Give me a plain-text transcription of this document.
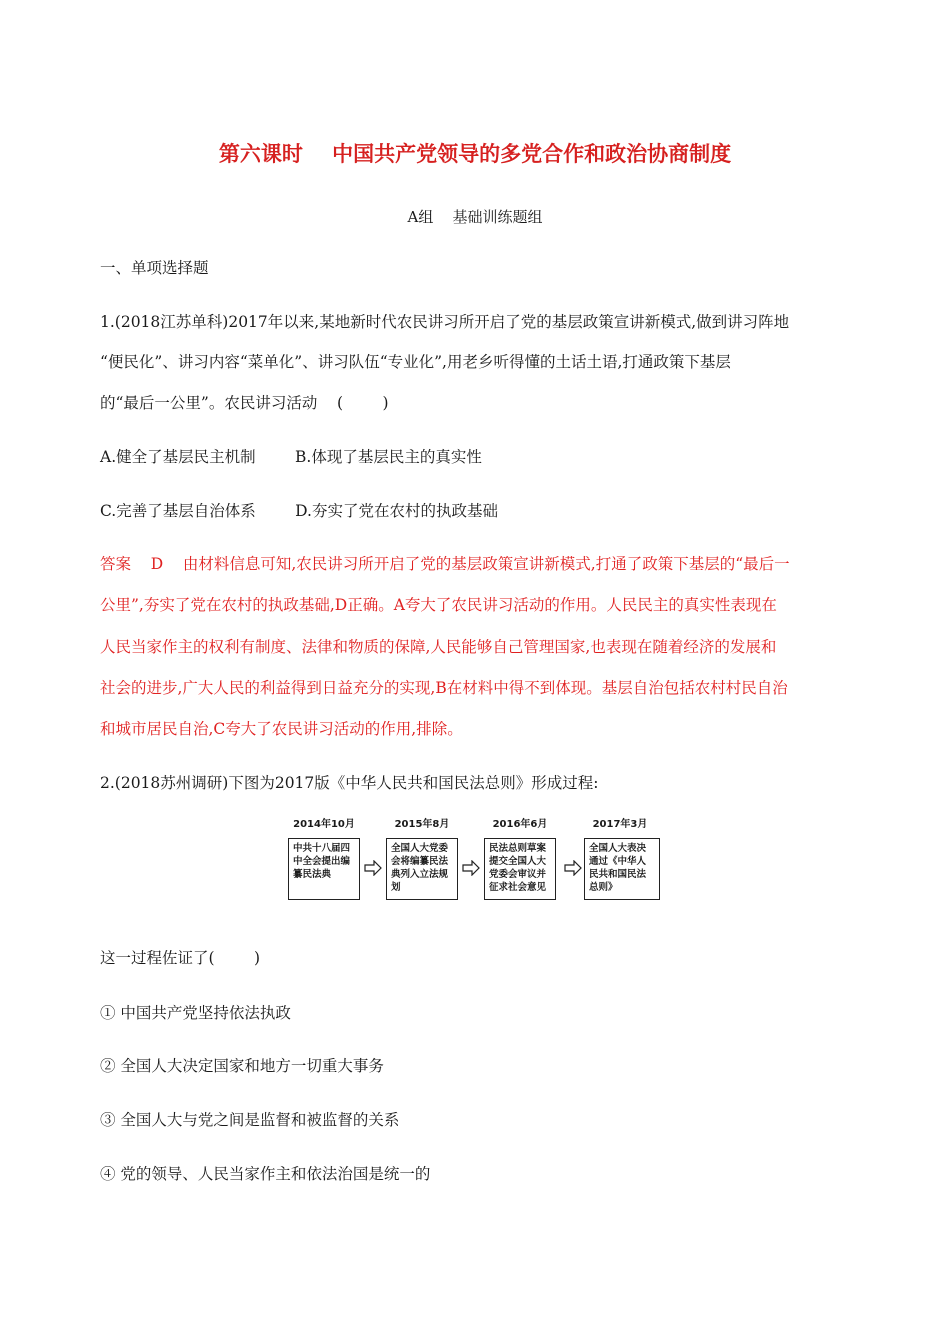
第六课时    中国共产党领导的多党合作和政治协商制度
A组    基础训练题组
一、单项选择题
1.(2018江苏单科)2017年以来,某地新时代农民讲习所开启了党的基层政策宣讲新模式,做到讲习阵地
“便民化”、讲习内容“菜单化”、讲习队伍“专业化”,用老乡听得懂的土话土语,打通政策下基层
的“最后一公里”。农民讲习活动    (        )
A.健全了基层民主机制        B.体现了基层民主的真实性
C.完善了基层自治体系        D.夯实了党在农村的执政基础
答案    D    由材料信息可知,农民讲习所开启了党的基层政策宣讲新模式,打通了政策下基层的“最后一
公里”,夯实了党在农村的执政基础,D正确。A夸大了农民讲习活动的作用。人民民主的真实性表现在
人民当家作主的权利有制度、法律和物质的保障,人民能够自己管理国家,也表现在随着经济的发展和
社会的进步,广大人民的利益得到日益充分的实现,B在材料中得不到体现。基层自治包括农村村民自治
和城市居民自治,C夸大了农民讲习活动的作用,排除。
2.(2018苏州调研)下图为2017版《中华人民共和国民法总则》形成过程:
2014年10月
中共十八届四中全会提出编纂民法典
2015年8月
全国人大党委会将编纂民法典列入立法规划
2016年6月
民法总则草案提交全国人大党委会审议并征求社会意见
2017年3月
全国人大表决通过《中华人民共和国民法总则》
这一过程佐证了(        )
① 中国共产党坚持依法执政
② 全国人大决定国家和地方一切重大事务
③ 全国人大与党之间是监督和被监督的关系
④ 党的领导、人民当家作主和依法治国是统一的
